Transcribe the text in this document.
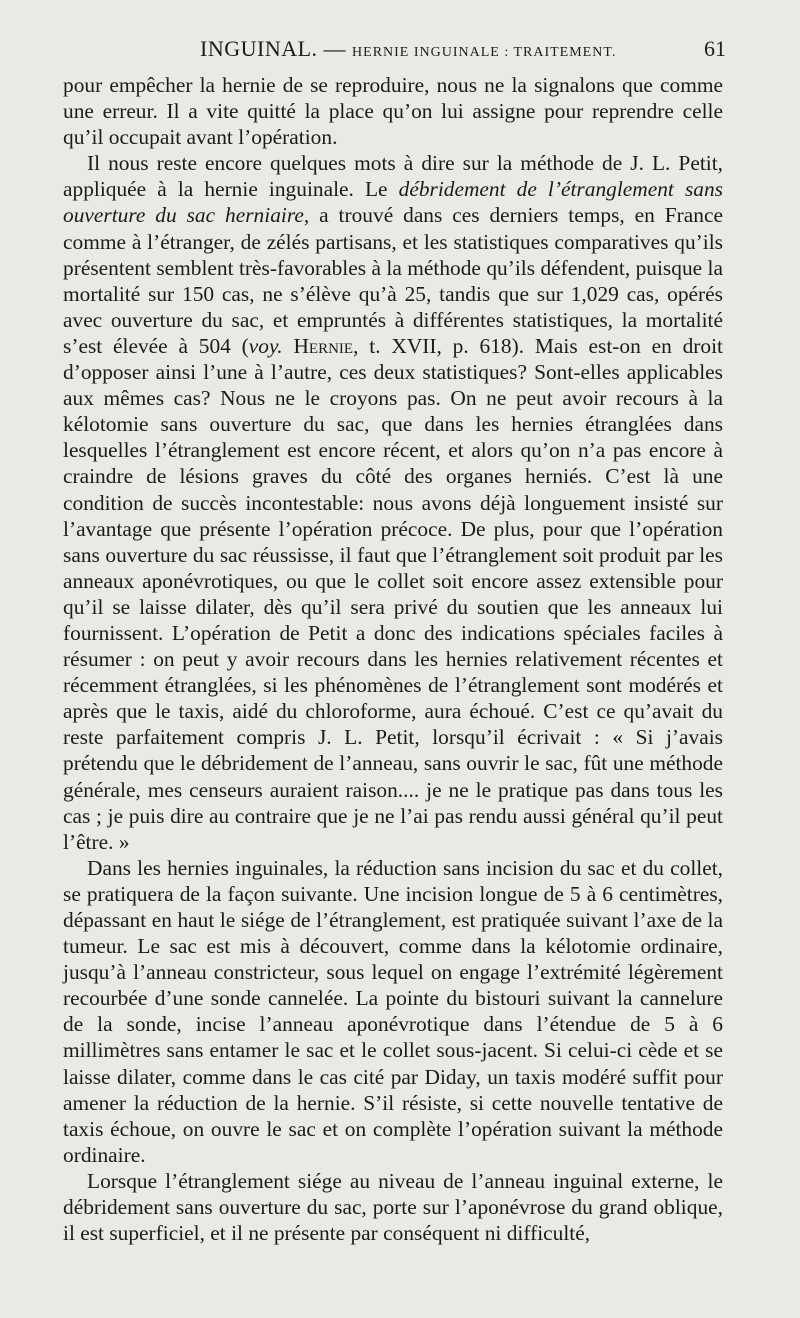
INGUINAL. — HERNIE INGUINALE : TRAITEMENT.	61

pour empêcher la hernie de se reproduire, nous ne la signalons que comme une erreur. Il a vite quitté la place qu’on lui assigne pour reprendre celle qu’il occupait avant l’opération.

Il nous reste encore quelques mots à dire sur la méthode de J. L. Petit, appliquée à la hernie inguinale. Le débridement de l’étranglement sans ouverture du sac herniaire, a trouvé dans ces derniers temps, en France comme à l’étranger, de zélés partisans, et les statistiques comparatives qu’ils présentent semblent très-favorables à la méthode qu’ils défendent, puisque la mortalité sur 150 cas, ne s’élève qu’à 25, tandis que sur 1,029 cas, opérés avec ouverture du sac, et empruntés à différentes statistiques, la mortalité s’est élevée à 504 (voy. Hernie, t. XVII, p. 618). Mais est-on en droit d’opposer ainsi l’une à l’autre, ces deux statistiques? Sont-elles applicables aux mêmes cas? Nous ne le croyons pas. On ne peut avoir recours à la kélotomie sans ouverture du sac, que dans les hernies étranglées dans lesquelles l’étranglement est encore récent, et alors qu’on n’a pas encore à craindre de lésions graves du côté des organes herniés. C’est là une condition de succès incontestable: nous avons déjà longuement insisté sur l’avantage que présente l’opération précoce. De plus, pour que l’opération sans ouverture du sac réussisse, il faut que l’étranglement soit produit par les anneaux aponévrotiques, ou que le collet soit encore assez extensible pour qu’il se laisse dilater, dès qu’il sera privé du soutien que les anneaux lui fournissent. L’opération de Petit a donc des indications spéciales faciles à résumer : on peut y avoir recours dans les hernies relativement récentes et récemment étranglées, si les phénomènes de l’étranglement sont modérés et après que le taxis, aidé du chloroforme, aura échoué. C’est ce qu’avait du reste parfaitement compris J. L. Petit, lorsqu’il écrivait : « Si j’avais prétendu que le débridement de l’anneau, sans ouvrir le sac, fût une méthode générale, mes censeurs auraient raison.... je ne le pratique pas dans tous les cas ; je puis dire au contraire que je ne l’ai pas rendu aussi général qu’il peut l’être. »

Dans les hernies inguinales, la réduction sans incision du sac et du collet, se pratiquera de la façon suivante. Une incision longue de 5 à 6 centimètres, dépassant en haut le siége de l’étranglement, est pratiquée suivant l’axe de la tumeur. Le sac est mis à découvert, comme dans la kélotomie ordinaire, jusqu’à l’anneau constricteur, sous lequel on engage l’extrémité légèrement recourbée d’une sonde cannelée. La pointe du bistouri suivant la cannelure de la sonde, incise l’anneau aponévrotique dans l’étendue de 5 à 6 millimètres sans entamer le sac et le collet sous-jacent. Si celui-ci cède et se laisse dilater, comme dans le cas cité par Diday, un taxis modéré suffit pour amener la réduction de la hernie. S’il résiste, si cette nouvelle tentative de taxis échoue, on ouvre le sac et on complète l’opération suivant la méthode ordinaire.

Lorsque l’étranglement siége au niveau de l’anneau inguinal externe, le débridement sans ouverture du sac, porte sur l’aponévrose du grand oblique, il est superficiel, et il ne présente par conséquent ni difficulté,
